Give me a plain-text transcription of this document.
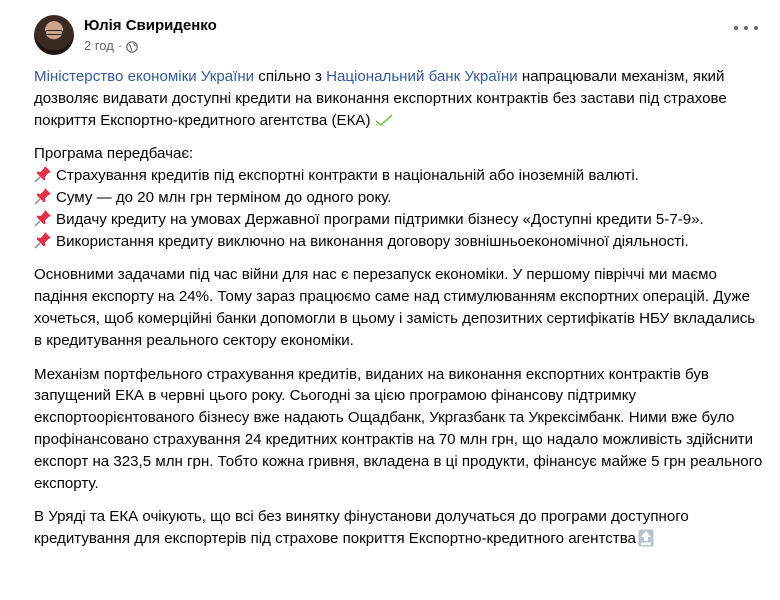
Юлія Свириденко
2 год ·

Міністерство економіки України спільно з Національний банк України напрацювали механізм, який дозволяє видавати доступні кредити на виконання експортних контрактів без застави під страхове покриття Експортно-кредитного агентства (ЕКА)

Програма передбачає:
Страхування кредитів під експортні контракти в національній або іноземній валюті.
Суму — до 20 млн грн терміном до одного року.
Видачу кредиту на умовах Державної програми підтримки бізнесу «Доступні кредити 5-7-9».
Використання кредиту виключно на виконання договору зовнішньоекономічної діяльності.

Основними задачами під час війни для нас є перезапуск економіки. У першому півріччі ми маємо падіння експорту на 24%. Тому зараз працюємо саме над стимулюванням експортних операцій. Дуже хочеться, щоб комерційні банки допомогли в цьому і замість депозитних сертифікатів НБУ вкладались в кредитування реального сектору економіки.

Механізм портфельного страхування кредитів, виданих на виконання експортних контрактів був запущений ЕКА в червні цього року. Сьогодні за цією програмою фінансову підтримку експортоорієнтованого бізнесу вже надають Ощадбанк, Укргазбанк та Укрексімбанк. Ними вже було профінансовано страхування 24 кредитних контрактів на 70 млн грн, що надало можливість здійснити експорт на 323,5 млн грн. Тобто кожна гривня, вкладена в ці продукти, фінансує майже 5 грн реального експорту.

В Уряді та ЕКА очікують, що всі без винятку фінустанови долучаться до програми доступного кредитування для експортерів під страхове покриття Експортно-кредитного агентства
